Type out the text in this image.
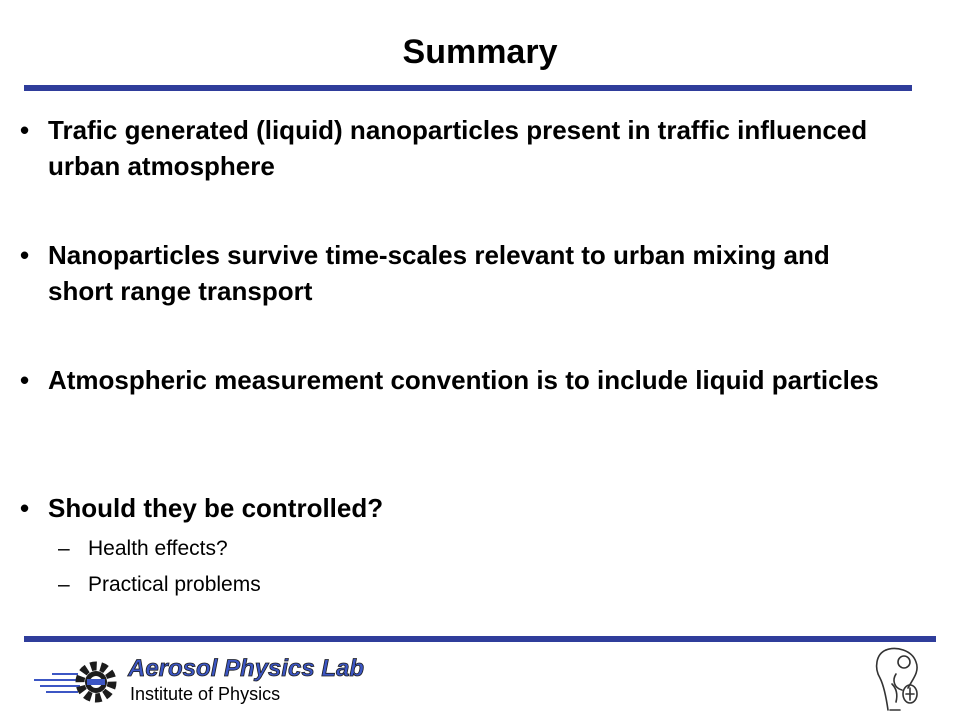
Summary
• Trafic generated (liquid) nanoparticles present in traffic influenced urban atmosphere
• Nanoparticles survive time-scales relevant to urban mixing and short range transport
• Atmospheric measurement convention is to include liquid particles
• Should they be controlled?
– Health effects?
– Practical problems
Aerosol Physics Lab
Institute of Physics
